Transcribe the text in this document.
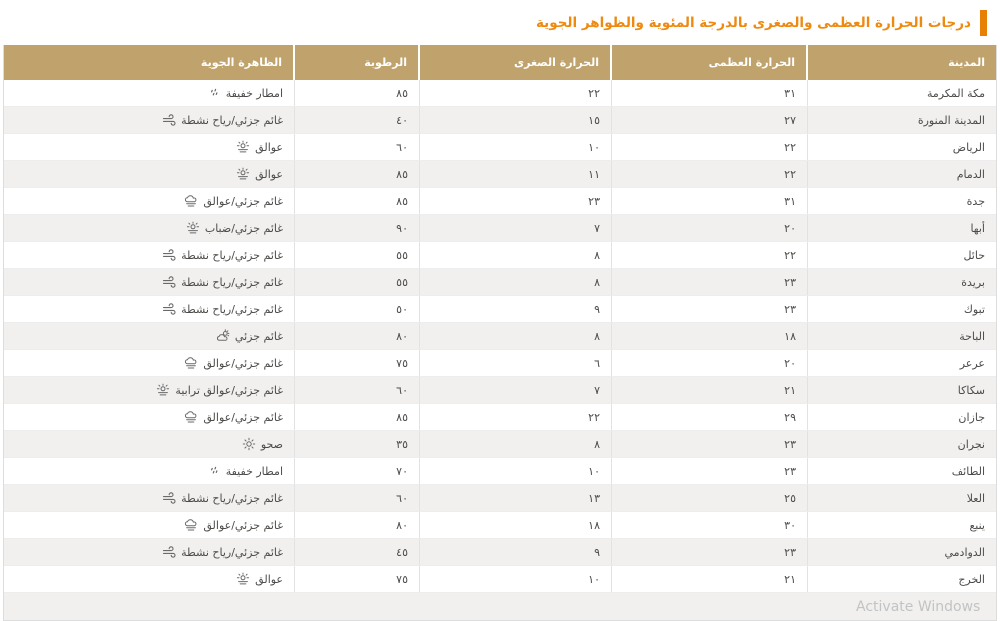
درجات الحرارة العظمى والصغرى بالدرجة المئوية والظواهر الجوية
المدينة
الحرارة العظمى
الحرارة الصغرى
الرطوبة
الظاهرة الجوية
مكة المكرمة
٣١
٢٢
٨٥
امطار خفيفة
المدينة المنورة
٢٧
١٥
٤٠
غائم جزئي/رياح نشطة
الرياض
٢٢
١٠
٦٠
عوالق
الدمام
٢٢
١١
٨٥
عوالق
جدة
٣١
٢٣
٨٥
غائم جزئي/عوالق
أبها
٢٠
٧
٩٠
غائم جزئي/ضباب
حائل
٢٢
٨
٥٥
غائم جزئي/رياح نشطة
بريدة
٢٣
٨
٥٥
غائم جزئي/رياح نشطة
تبوك
٢٣
٩
٥٠
غائم جزئي/رياح نشطة
الباحة
١٨
٨
٨٠
غائم جزئي
عرعر
٢٠
٦
٧٥
غائم جزئي/عوالق
سكاكا
٢١
٧
٦٠
غائم جزئي/عوالق ترابية
جازان
٢٩
٢٢
٨٥
غائم جزئي/عوالق
نجران
٢٣
٨
٣٥
صحو
الطائف
٢٣
١٠
٧٠
امطار خفيفة
العلا
٢٥
١٣
٦٠
غائم جزئي/رياح نشطة
ينبع
٣٠
١٨
٨٠
غائم جزئي/عوالق
الدوادمي
٢٣
٩
٤٥
غائم جزئي/رياح نشطة
الخرج
٢١
١٠
٧٥
عوالق
Activate Windows
